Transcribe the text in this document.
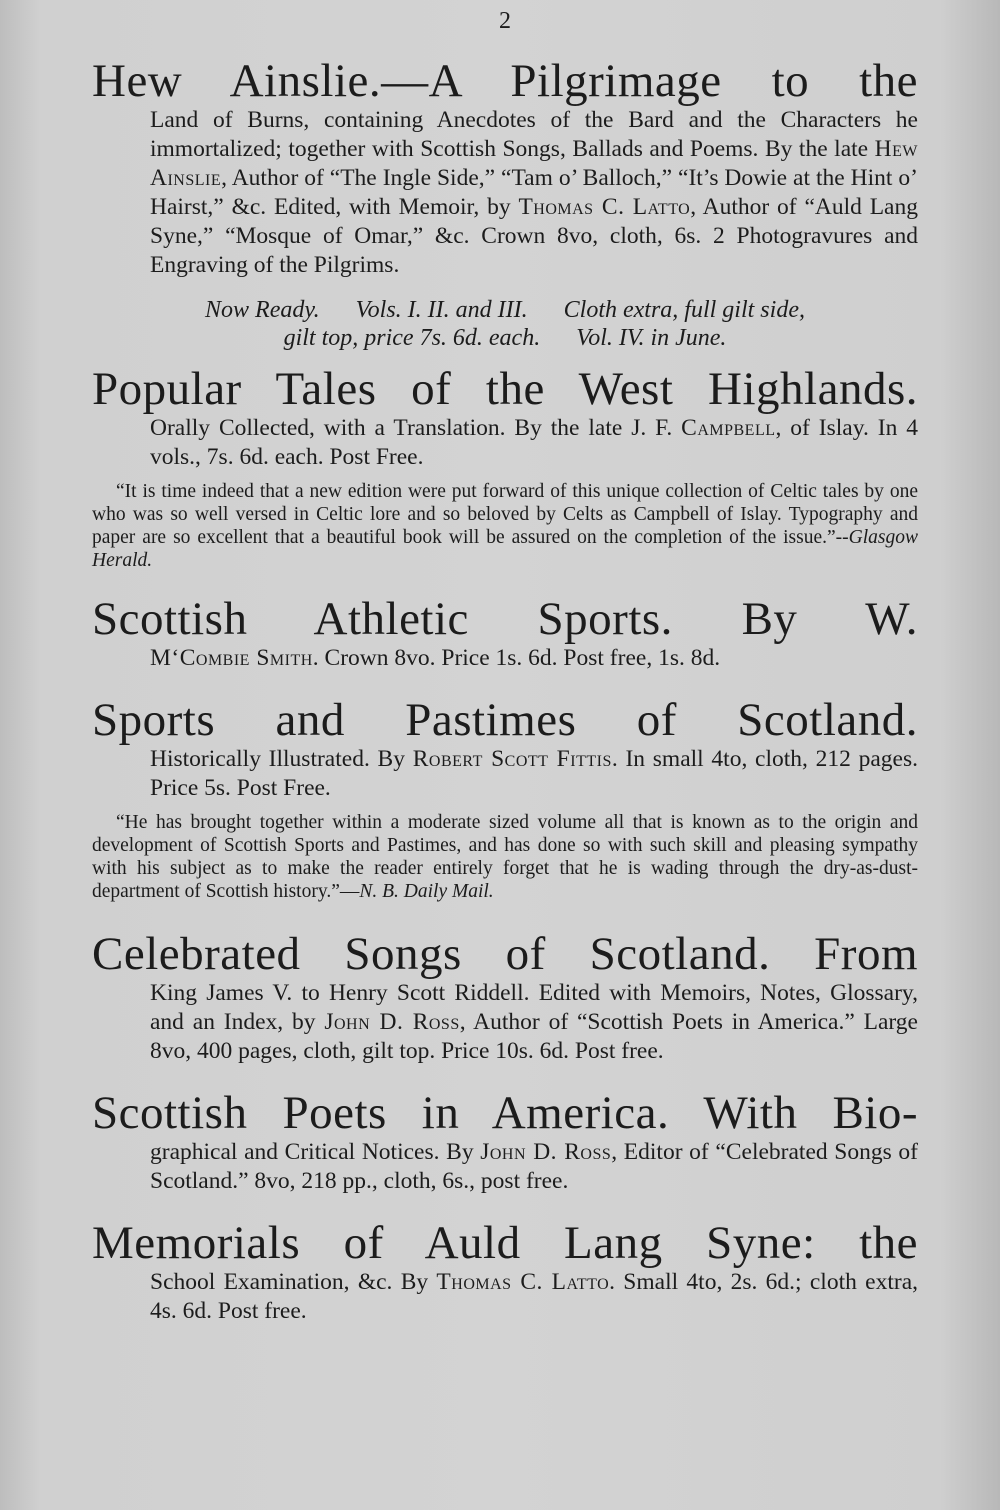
2
Hew Ainslie.—A Pilgrimage to the
Land of Burns, containing Anecdotes of the Bard and the Characters he immortalized; together with Scottish Songs, Ballads and Poems. By the late Hew Ainslie, Author of “The Ingle Side,” “Tam o’ Balloch,” “It’s Dowie at the Hint o’ Hairst,” &c. Edited, with Memoir, by Thomas C. Latto, Author of “Auld Lang Syne,” “Mosque of Omar,” &c. Crown 8vo, cloth, 6s. 2 Photogravures and Engraving of the Pilgrims.
Now Ready. Vols. I. II. and III. Cloth extra, full gilt side,
gilt top, price 7s. 6d. each. Vol. IV. in June.
Popular Tales of the West Highlands.
Orally Collected, with a Translation. By the late J. F. Campbell, of Islay. In 4 vols., 7s. 6d. each. Post Free.
“It is time indeed that a new edition were put forward of this unique collection of Celtic tales by one who was so well versed in Celtic lore and so beloved by Celts as Campbell of Islay. Typography and paper are so excellent that a beautiful book will be assured on the completion of the issue.”--Glasgow Herald.
Scottish Athletic Sports. By W.
M‘Combie Smith. Crown 8vo. Price 1s. 6d. Post free, 1s. 8d.
Sports and Pastimes of Scotland.
Historically Illustrated. By Robert Scott Fittis. In small 4to, cloth, 212 pages. Price 5s. Post Free.
“He has brought together within a moderate sized volume all that is known as to the origin and development of Scottish Sports and Pastimes, and has done so with such skill and pleasing sympathy with his subject as to make the reader entirely forget that he is wading through the dry-as-dust-department of Scottish history.”—N. B. Daily Mail.
Celebrated Songs of Scotland. From
King James V. to Henry Scott Riddell. Edited with Memoirs, Notes, Glossary, and an Index, by John D. Ross, Author of “Scottish Poets in America.” Large 8vo, 400 pages, cloth, gilt top. Price 10s. 6d. Post free.
Scottish Poets in America. With Bio-
graphical and Critical Notices. By John D. Ross, Editor of “Celebrated Songs of Scotland.” 8vo, 218 pp., cloth, 6s., post free.
Memorials of Auld Lang Syne: the
School Examination, &c. By Thomas C. Latto. Small 4to, 2s. 6d.; cloth extra, 4s. 6d. Post free.
